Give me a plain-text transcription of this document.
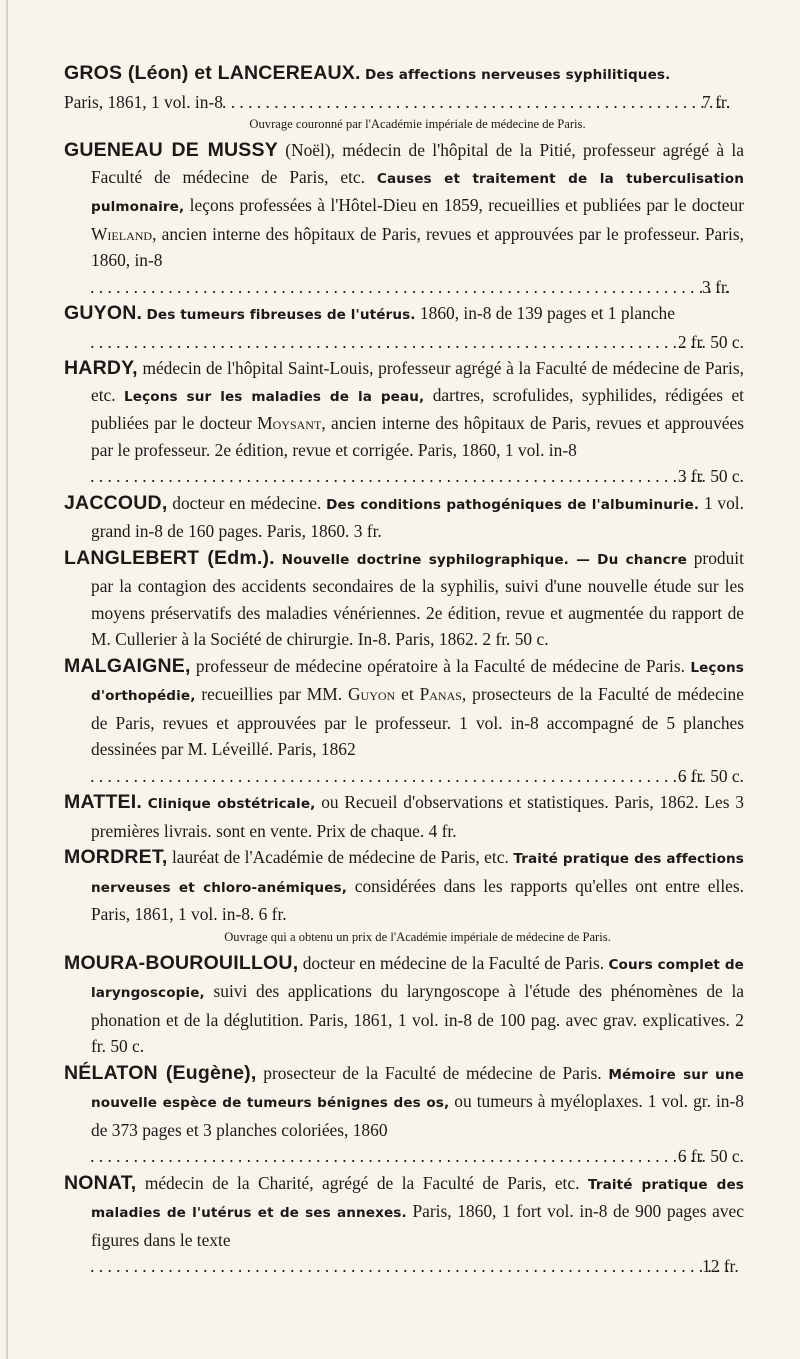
GROS (Léon) et LANCEREAUX. Des affections nerveuses syphilitiques.
Paris, 1861, 1 vol. in-8
. . .	7 fr.
Ouvrage couronné par l'Académie impériale de médecine de Paris.

GUENEAU DE MUSSY (Noël), médecin de l'hôpital de la Pitié, professeur agrégé à la Faculté de médecine de Paris, etc. Causes et traitement de la tuberculisation pulmonaire, leçons professées à l'Hôtel-Dieu en 1859, recueillies et publiées par le docteur Wieland, ancien interne des hôpitaux de Paris, revues et approuvées par le professeur. Paris, 1860, in-8
. . .
3 fr.

GUYON. Des tumeurs fibreuses de l'utérus. 1860, in-8 de 139 pages et 1 planche
. . .
2 fr. 50 c.

HARDY, médecin de l'hôpital Saint-Louis, professeur agrégé à la Faculté de médecine de Paris, etc. Leçons sur les maladies de la peau, dartres, scrofulides, syphilides, rédigées et publiées par le docteur Moysant, ancien interne des hôpitaux de Paris, revues et approuvées par le professeur. 2e édition, revue et corrigée. Paris, 1860, 1 vol. in-8
. . .
3 fr. 50 c.

JACCOUD, docteur en médecine. Des conditions pathogéniques de l'albuminurie. 1 vol. grand in-8 de 160 pages. Paris, 1860. 3 fr.

LANGLEBERT (Edm.). Nouvelle doctrine syphilographique. — Du chancre produit par la contagion des accidents secondaires de la syphilis, suivi d'une nouvelle étude sur les moyens préservatifs des maladies vénériennes. 2e édition, revue et augmentée du rapport de M. Cullerier à la Société de chirurgie. In-8. Paris, 1862. 2 fr. 50 c.

MALGAIGNE, professeur de médecine opératoire à la Faculté de médecine de Paris. Leçons d'orthopédie, recueillies par MM. Guyon et Panas, prosecteurs de la Faculté de médecine de Paris, revues et approuvées par le professeur. 1 vol. in-8 accompagné de 5 planches dessinées par M. Léveillé. Paris, 1862
. . .
6 fr. 50 c.

MATTEI. Clinique obstétricale, ou Recueil d'observations et statistiques. Paris, 1862. Les 3 premières livrais. sont en vente. Prix de chaque. 4 fr.

MORDRET, lauréat de l'Académie de médecine de Paris, etc. Traité pratique des affections nerveuses et chloro-anémiques, considérées dans les rapports qu'elles ont entre elles. Paris, 1861, 1 vol. in-8. 6 fr.
Ouvrage qui a obtenu un prix de l'Académie impériale de médecine de Paris.

MOURA-BOUROUILLOU, docteur en médecine de la Faculté de Paris. Cours complet de laryngoscopie, suivi des applications du laryngoscope à l'étude des phénomènes de la phonation et de la déglutition. Paris, 1861, 1 vol. in-8 de 100 pag. avec grav. explicatives. 2 fr. 50 c.

NÉLATON (Eugène), prosecteur de la Faculté de médecine de Paris. Mémoire sur une nouvelle espèce de tumeurs bénignes des os, ou tumeurs à myéloplaxes. 1 vol. gr. in-8 de 373 pages et 3 planches coloriées, 1860
. . .
6 fr. 50 c.

NONAT, médecin de la Charité, agrégé de la Faculté de Paris, etc. Traité pratique des maladies de l'utérus et de ses annexes. Paris, 1860, 1 fort vol. in-8 de 900 pages avec figures dans le texte
. . .
12 fr.
